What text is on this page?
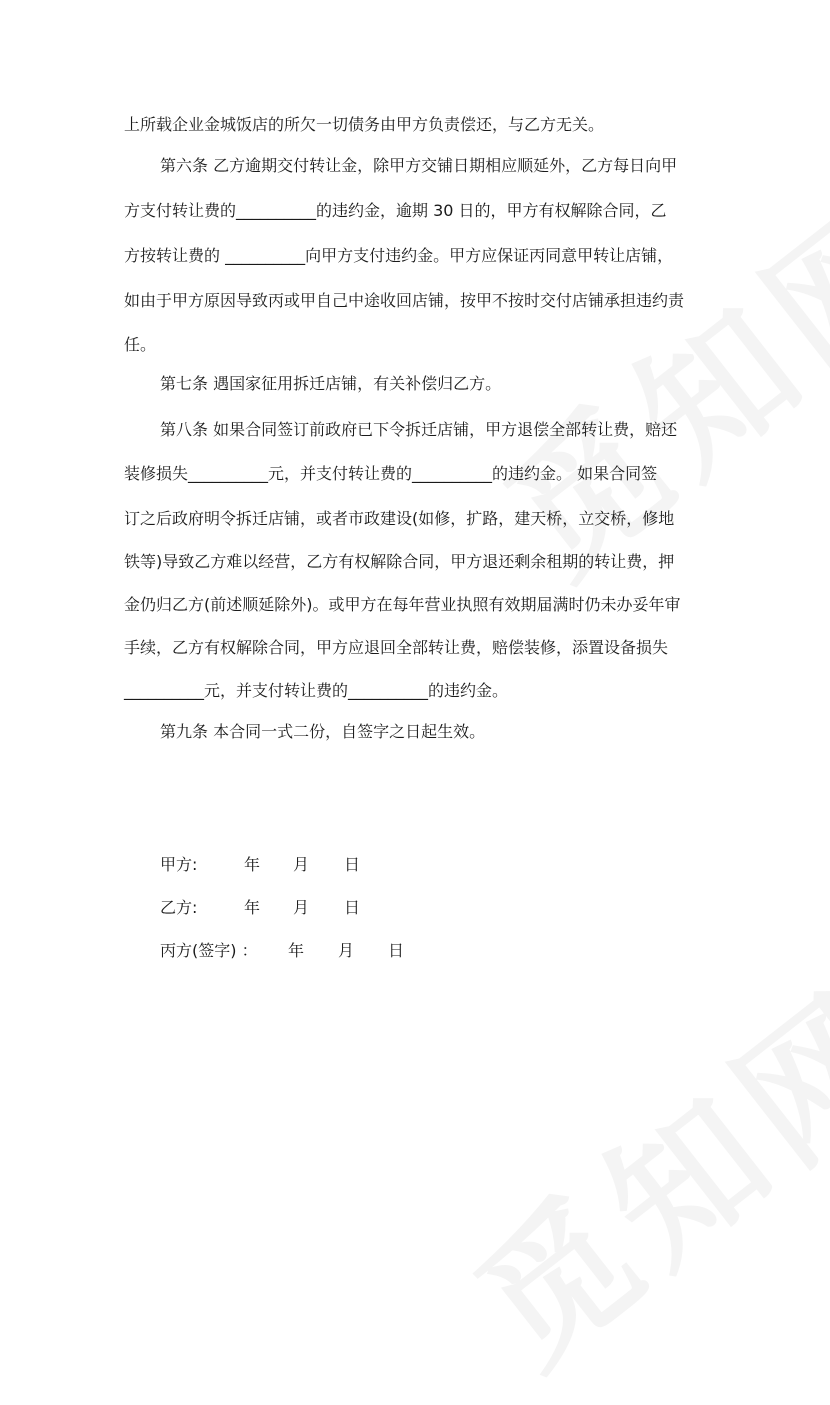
上所载企业金城饭店的所欠一切债务由甲方负责偿还，与乙方无关。
第六条 乙方逾期交付转让金，除甲方交铺日期相应顺延外，乙方每日向甲
方支付转让费的__________的违约金，逾期 30 日的，甲方有权解除合同，乙
方按转让费的 __________向甲方支付违约金。甲方应保证丙同意甲转让店铺，
如由于甲方原因导致丙或甲自己中途收回店铺，按甲不按时交付店铺承担违约责
任。
第七条 遇国家征用拆迁店铺，有关补偿归乙方。
第八条 如果合同签订前政府已下令拆迁店铺，甲方退偿全部转让费，赔还
装修损失__________元，并支付转让费的__________的违约金。 如果合同签
订之后政府明令拆迁店铺，或者市政建设(如修，扩路，建天桥，立交桥，修地
铁等)导致乙方难以经营，乙方有权解除合同，甲方退还剩余租期的转让费，押
金仍归乙方(前述顺延除外)。或甲方在每年营业执照有效期届满时仍未办妥年审
手续，乙方有权解除合同，甲方应退回全部转让费，赔偿装修，添置设备损失
__________元，并支付转让费的__________的违约金。
第九条 本合同一式二份，自签字之日起生效。
甲方:	年 月 日
乙方:	年 月 日
丙方(签字) ： 年 月 日
